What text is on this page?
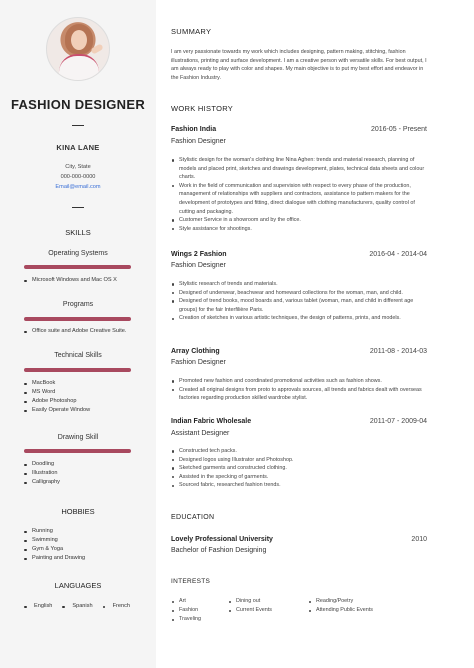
FASHION DESIGNER
KINA LANE
City, State
000-000-0000
Email@email.com
SKILLS
Operating Systems
Microsoft Windows and Mac OS X
Programs
Office suite and Adobe Creative Suite.
Technical Skills
MacBook
MS Word
Adobe Photoshop
Easily Operate Window
Drawing Skill
Doodling
Illustration
Calligraphy
HOBBIES
Running
Swimming
Gym & Yoga
Painting and Drawing
LANGUAGES
English	Spanish	French
SUMMARY
I am very passionate towards my work which includes designing, pattern making, stitching, fashion illustrations, printing and surface development. I am a creative person with versatile skills. For best output, I am always ready to play with color and shapes. My main objective is to put my best effort and endeavor in the Fashion Industry.
WORK HISTORY
Fashion India	2016-05 - Present
Fashion Designer
Stylistic design for the woman's clothing line Nina Aghen: trends and material research, planning of models and placed print, sketches and drawings development, plates, technical data sheets and colour charts.
Work in the field of communication and supervision with respect to every phase of the production, management of relationships with suppliers and contractors, assistance to pattern makers for the development of prototypes and fitting, direct dialogue with clothing manufacturers, quality control of cutting and packaging.
Customer Service in a showroom and by the office.
Style assistance for shootings.
Wings 2 Fashion	2016-04 - 2014-04
Fashion Designer
Stylistic research of trends and materials.
Designed of underwear, beachwear and homeward collections for the woman, man, and child.
Designed of trend books, mood boards and, various tablet (woman, man, and child in different age groups) for the fair Interfilière Paris.
Creation of sketches in various artistic techniques, the design of patterns, prints, and models.
Array Clothing	2011-08 - 2014-03
Fashion Designer
Promoted new fashion and coordinated promotional activities such as fashion shows.
Created all original designs from proto to approvals sources, all trends and fabrics dealt with overseas factories regarding production skilled wardrobe stylist.
Indian Fabric Wholesale	2011-07 - 2009-04
Assistant Designer
Constructed tech packs.
Designed logos using Illustrator and Photoshop.
Sketched garments and constructed clothing.
Assisted in the specking of garments.
Sourced fabric, researched fashion trends.
EDUCATION
Lovely Professional University	2010
Bachelor of Fashion Designing
INTERESTS
Art
Fashion
Traveling
Dining out
Current Events
Reading/Poetry
Attending Public Events
